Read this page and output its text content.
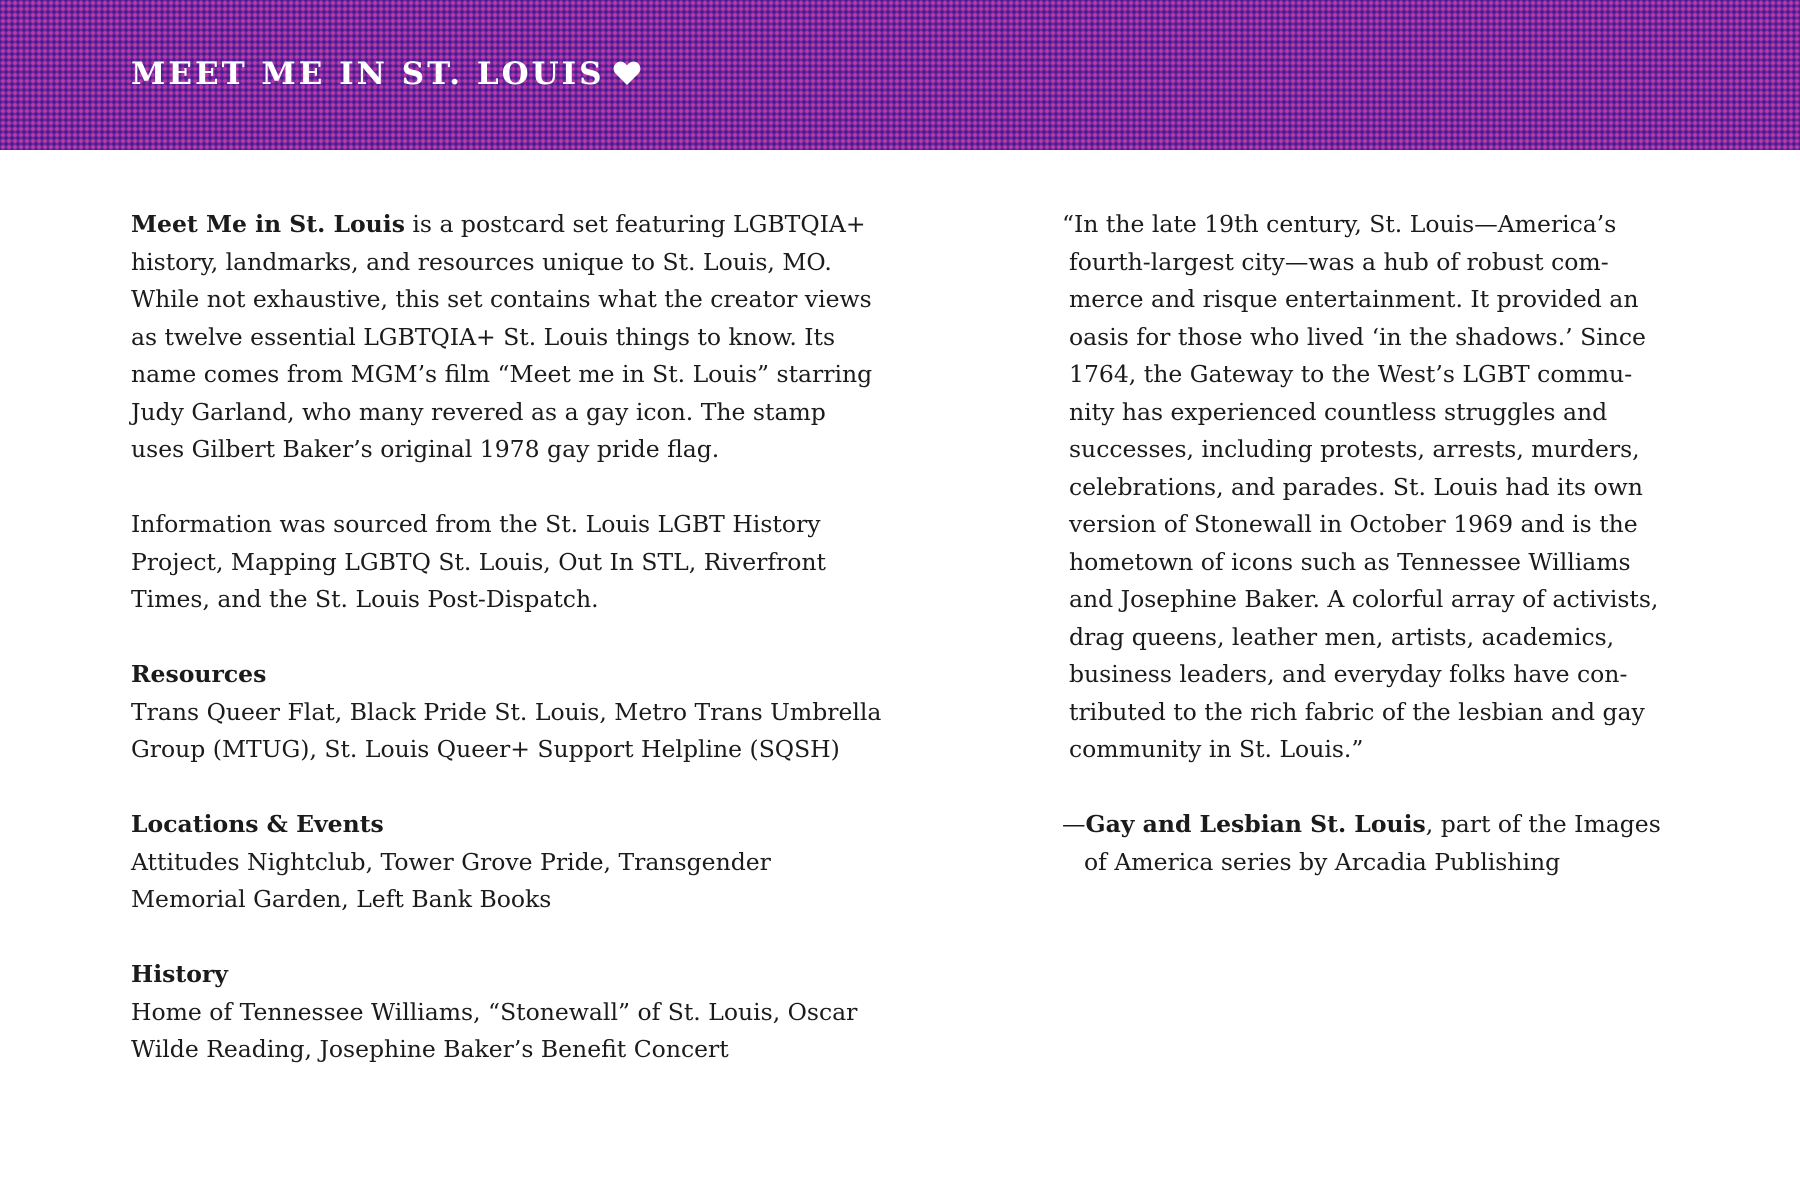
MEET ME IN ST. LOUIS

Meet Me in St. Louis is a postcard set featuring LGBTQIA+ history, landmarks, and resources unique to St. Louis, MO. While not exhaustive, this set contains what the creator views as twelve essential LGBTQIA+ St. Louis things to know. Its name comes from MGM’s film “Meet me in St. Louis” starring Judy Garland, who many revered as a gay icon. The stamp uses Gilbert Baker’s original 1978 gay pride flag.

Information was sourced from the St. Louis LGBT History Project, Mapping LGBTQ St. Louis, Out In STL, Riverfront Times, and the St. Louis Post-Dispatch.

Resources
Trans Queer Flat, Black Pride St. Louis, Metro Trans Umbrella Group (MTUG), St. Louis Queer+ Support Helpline (SQSH)
Locations & Events
Attitudes Nightclub, Tower Grove Pride, Transgender Memorial Garden, Left Bank Books
History
Home of Tennessee Williams, “Stonewall” of St. Louis, Oscar Wilde Reading, Josephine Baker’s Benefit Concert

“In the late 19th century, St. Louis—America’s fourth-largest city—was a hub of robust commerce and risque entertainment. It provided an oasis for those who lived ‘in the shadows.’ Since 1764, the Gateway to the West’s LGBT community has experienced countless struggles and successes, including protests, arrests, murders, celebrations, and parades. St. Louis had its own version of Stonewall in October 1969 and is the hometown of icons such as Tennessee Williams and Josephine Baker. A colorful array of activists, drag queens, leather men, artists, academics, business leaders, and everyday folks have contributed to the rich fabric of the lesbian and gay community in St. Louis.”

—Gay and Lesbian St. Louis, part of the Images of America series by Arcadia Publishing
